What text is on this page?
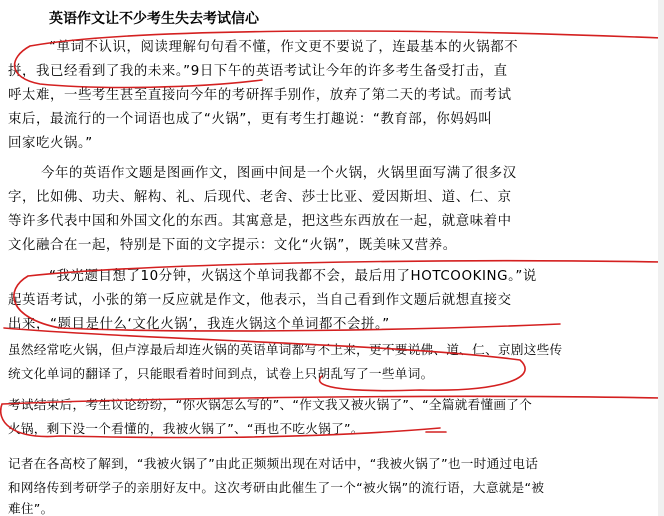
英语作文让不少考生失去考试信心

“单词不认识，阅读理解句句看不懂，作文更不要说了，连最基本的火锅都不

拼，我已经看到了我的未来。”9日下午的英语考试让今年的许多考生备受打击，直

呼太难，一些考生甚至直接向今年的考研挥手别作，放弃了第二天的考试。而考试

束后，最流行的一个词语也成了“火锅”，更有考生打趣说：“教育部，你妈妈叫

回家吃火锅。”

今年的英语作文题是图画作文，图画中间是一个火锅，火锅里面写满了很多汉

字，比如佛、功夫、解构、礼、后现代、老舍、莎士比亚、爱因斯坦、道、仁、京

等许多代表中国和外国文化的东西。其寓意是，把这些东西放在一起，就意味着中

文化融合在一起，特别是下面的文字提示：文化“火锅”，既美味又营养。

“我光题目想了10分钟，火锅这个单词我都不会，最后用了HOTCOOKING。”说

起英语考试，小张的第一反应就是作文，他表示，当自己看到作文题后就想直接交

出来，“题目是什么‘文化火锅’，我连火锅这个单词都不会拼。”

虽然经常吃火锅，但卢淳最后却连火锅的英语单词都写不上来，更不要说佛、道、仁、京剧这些传

统文化单词的翻译了，只能眼看着时间到点，试卷上只胡乱写了一些单词。

考试结束后，考生议论纷纷，“你火锅怎么写的”、“作文我又被火锅了”、“全篇就看懂画了个

火锅，剩下没一个看懂的，我被火锅了”、“再也不吃火锅了”。

记者在各高校了解到，“我被火锅了”由此正频频出现在对话中，“我被火锅了”也一时通过电话

和网络传到考研学子的亲朋好友中。这次考研由此催生了一个“被火锅”的流行语，大意就是“被

难住”。
